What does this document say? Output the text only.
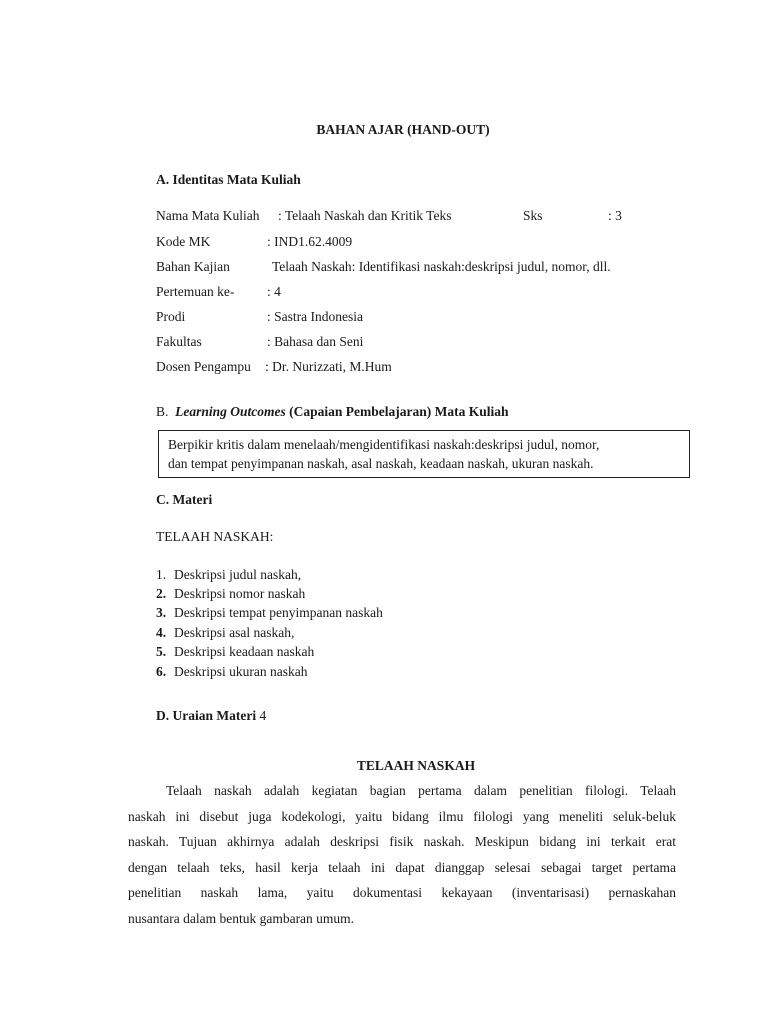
BAHAN AJAR (HAND-OUT)
A. Identitas Mata Kuliah
Nama Mata Kuliah : Telaah Naskah dan Kritik Teks	Sks	: 3
Kode MK	: IND1.62.4009
Bahan Kajian	Telaah Naskah: Identifikasi naskah:deskripsi judul, nomor, dll.
Pertemuan ke- : 4
Prodi	: Sastra Indonesia
Fakultas	: Bahasa dan Seni
Dosen Pengampu : Dr. Nurizzati, M.Hum
B. Learning Outcomes (Capaian Pembelajaran) Mata Kuliah
Berpikir kritis dalam menelaah/mengidentifikasi naskah:deskripsi judul, nomor,
dan tempat penyimpanan naskah, asal naskah, keadaan naskah, ukuran naskah.
C. Materi
TELAAH NASKAH:
1. Deskripsi judul naskah,
2. Deskripsi nomor naskah
3. Deskripsi tempat penyimpanan naskah
4. Deskripsi asal naskah,
5. Deskripsi keadaan naskah
6. Deskripsi ukuran naskah
D. Uraian Materi 4
TELAAH NASKAH
Telaah naskah adalah kegiatan bagian pertama dalam penelitian filologi. Telaah
naskah ini disebut juga kodekologi, yaitu bidang ilmu filologi yang meneliti seluk-beluk
naskah. Tujuan akhirnya adalah deskripsi fisik naskah. Meskipun bidang ini terkait erat
dengan telaah teks, hasil kerja telaah ini dapat dianggap selesai sebagai target pertama
penelitian naskah lama, yaitu dokumentasi kekayaan (inventarisasi) pernaskahan
nusantara dalam bentuk gambaran umum.
